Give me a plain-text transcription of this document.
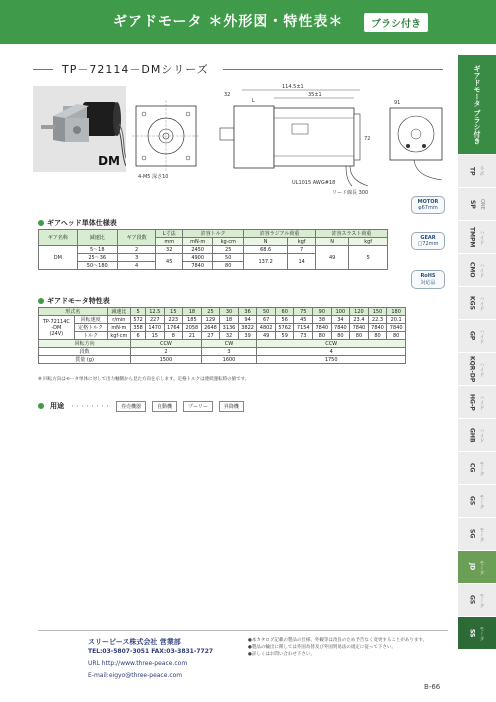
ギアドモータ ＊外形図・特性表＊	ブラシ付き
ギアドモータ ブラシ付き
TP ラボ
SP ONE
TMPM ハイド
CMO ハイド
KGS ハイド
GP ハイド
KQR-DP ハイド
HG-P ハイド
GHB ハイド
CG モータ
GS モータ
SG モータ
JD モータ
GS モータ
SS モータ
TP－72114－DMシリーズ
DM
4-M5 深さ10
114.5±1
35±1
32
L
72
UL1015 AWG#18
リード線長 300
91
MOTOR
φ67mm
GEAR
□72mm
RoHS
対応品
ギアヘッド単体仕様表
ギア名称	減速比	ギア段数	L寸法	許容トルク		許容ラジアル荷重		許容スラスト荷重	
			mm	mN·m	kg·cm	N	kgf	N	kgf
DM	5～18	2	32	2450	25	68.6	7	49	5
	25～36	3	45	4900	50	137.2	14		
	50～180	4		7840	80				
ギアドモータ特性表
形式名		減速比	5	12.5	15	18	25	30	36	50	60	75	90	100	120	150	180

TP-72114C
-DM
(24V)	回転速度	r/min	572	227	223	185	129	18	94	67	56	45	38	34	23.4	22.3	20.1
	定格トルク	mN·m	358	1470	1764	2058	2648	3136	3822	4802	5762	7154	7840	7840	7840	7840	7840
	トルク	kgf·cm	6	15	8	21	27	32	39	49	59	73	80	80	80	80	80
回転方向			CCW				CW			CCW							
段数			2				3			4							
質量 (g)			1500				1600			1750							
※ 回転方向はモータ単体に対して出力軸側から見た方向を示します。定格トルクは連続運転時の値です。
用途 ・・・・・・・・	券売機器	自動機	プーリー	昇降機
スリーピース株式会社 営業部
TEL:03-5807-3051 FAX:03-3831-7727
URL http://www.three-peace.com
E-mail:eigyo@three-peace.com
●本カタログ記載の製品の仕様、外観等は改良のため予告なく変更することがあります。
●製品の輸出に関しては外国為替及び外国貿易法の規定に従って下さい。
●詳しくはお問い合わせ下さい。
B-66
